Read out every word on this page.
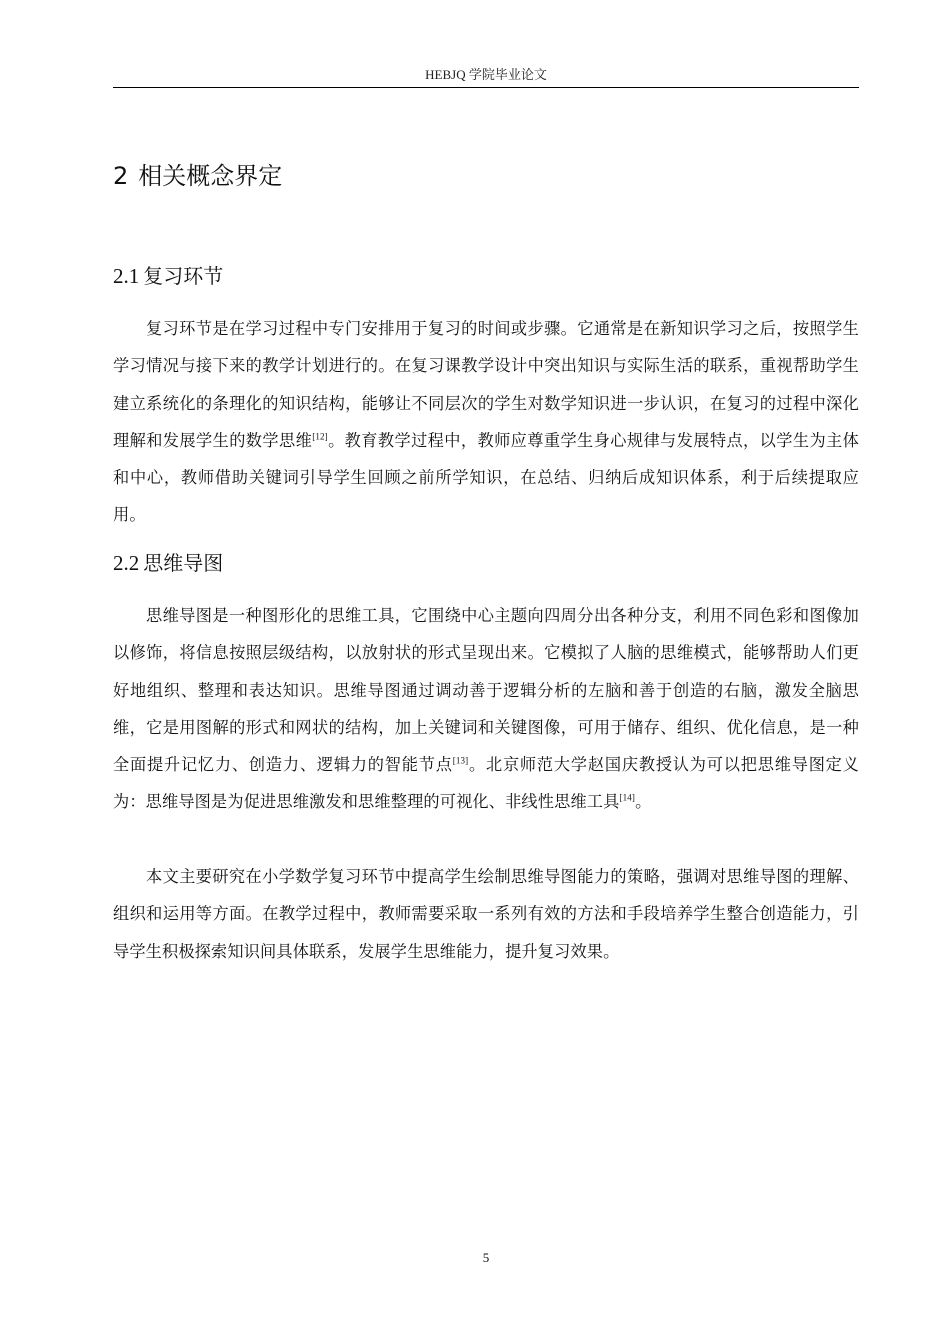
HEBJQ 学院毕业论文
2 相关概念界定
2.1 复习环节

复习环节是在学习过程中专门安排用于复习的时间或步骤。它通常是在新知识学习之后，按照学生学习情况与接下来的教学计划进行的。在复习课教学设计中突出知识与实际生活的联系，重视帮助学生建立系统化的条理化的知识结构，能够让不同层次的学生对数学知识进一步认识，在复习的过程中深化理解和发展学生的数学思维[12]。教育教学过程中，教师应尊重学生身心规律与发展特点，以学生为主体和中心，教师借助关键词引导学生回顾之前所学知识，在总结、归纳后成知识体系，利于后续提取应用。

2.2 思维导图

思维导图是一种图形化的思维工具，它围绕中心主题向四周分出各种分支，利用不同色彩和图像加以修饰，将信息按照层级结构，以放射状的形式呈现出来。它模拟了人脑的思维模式，能够帮助人们更好地组织、整理和表达知识。思维导图通过调动善于逻辑分析的左脑和善于创造的右脑，激发全脑思维，它是用图解的形式和网状的结构，加上关键词和关键图像，可用于储存、组织、优化信息，是一种全面提升记忆力、创造力、逻辑力的智能节点[13]。北京师范大学赵国庆教授认为可以把思维导图定义为：思维导图是为促进思维激发和思维整理的可视化、非线性思维工具[14]。

本文主要研究在小学数学复习环节中提高学生绘制思维导图能力的策略，强调对思维导图的理解、组织和运用等方面。在教学过程中，教师需要采取一系列有效的方法和手段培养学生整合创造能力，引导学生积极探索知识间具体联系，发展学生思维能力，提升复习效果。

5
